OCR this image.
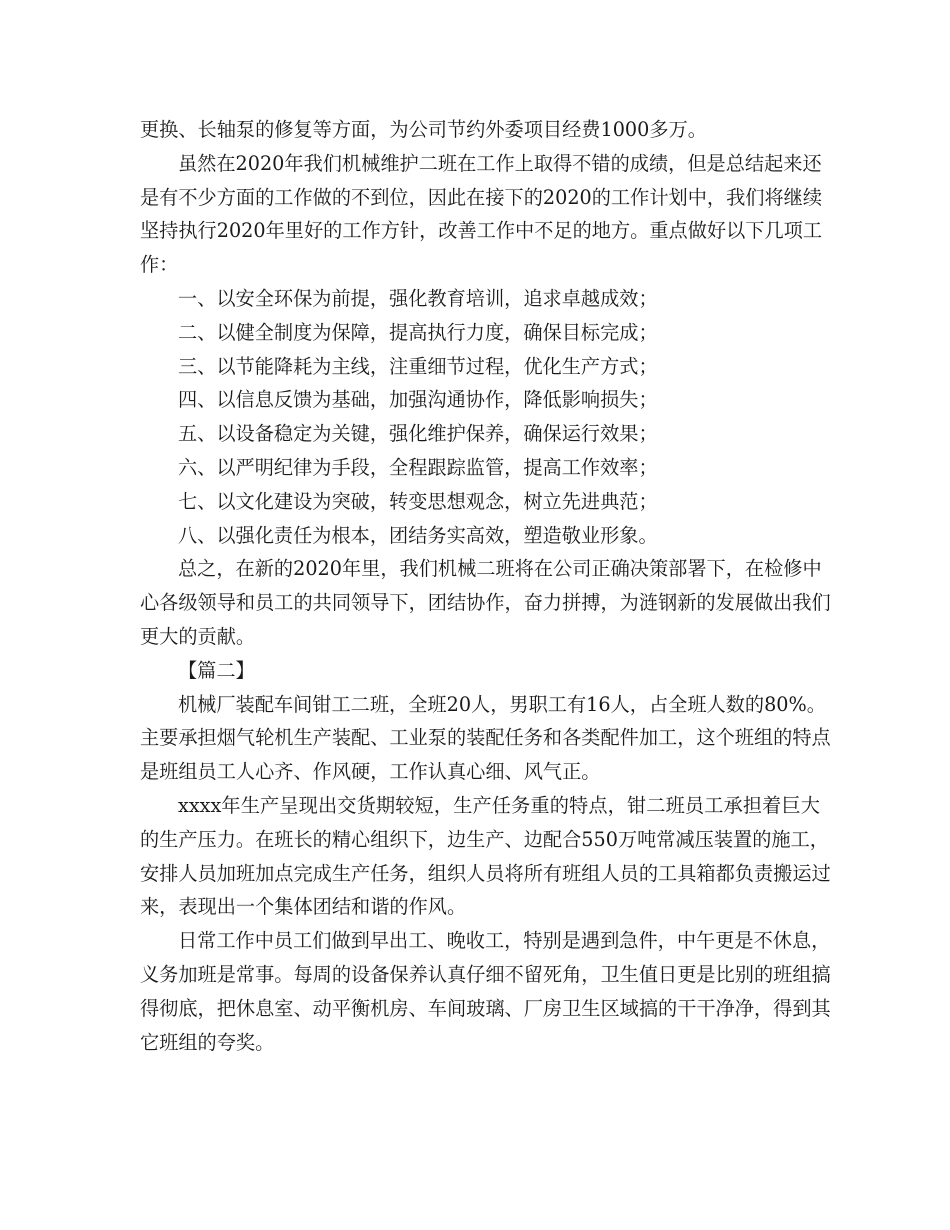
更换、长轴泵的修复等方面，为公司节约外委项目经费1000多万。
虽然在2020年我们机械维护二班在工作上取得不错的成绩，但是总结起来还
是有不少方面的工作做的不到位，因此在接下的2020的工作计划中，我们将继续
坚持执行2020年里好的工作方针，改善工作中不足的地方。重点做好以下几项工
作：
一、以安全环保为前提，强化教育培训，追求卓越成效；
二、以健全制度为保障，提高执行力度，确保目标完成；
三、以节能降耗为主线，注重细节过程，优化生产方式；
四、以信息反馈为基础，加强沟通协作，降低影响损失；
五、以设备稳定为关键，强化维护保养，确保运行效果；
六、以严明纪律为手段，全程跟踪监管，提高工作效率；
七、以文化建设为突破，转变思想观念，树立先进典范；
八、以强化责任为根本，团结务实高效，塑造敬业形象。
总之，在新的2020年里，我们机械二班将在公司正确决策部署下，在检修中
心各级领导和员工的共同领导下，团结协作，奋力拼搏，为涟钢新的发展做出我们
更大的贡献。
【篇二】
机械厂装配车间钳工二班，全班20人，男职工有16人，占全班人数的80%。
主要承担烟气轮机生产装配、工业泵的装配任务和各类配件加工，这个班组的特点
是班组员工人心齐、作风硬，工作认真心细、风气正。
xxxx年生产呈现出交货期较短，生产任务重的特点，钳二班员工承担着巨大
的生产压力。在班长的精心组织下，边生产、边配合550万吨常减压装置的施工，
安排人员加班加点完成生产任务，组织人员将所有班组人员的工具箱都负责搬运过
来，表现出一个集体团结和谐的作风。
日常工作中员工们做到早出工、晚收工，特别是遇到急件，中午更是不休息，
义务加班是常事。每周的设备保养认真仔细不留死角，卫生值日更是比别的班组搞
得彻底，把休息室、动平衡机房、车间玻璃、厂房卫生区域搞的干干净净，得到其
它班组的夸奖。
